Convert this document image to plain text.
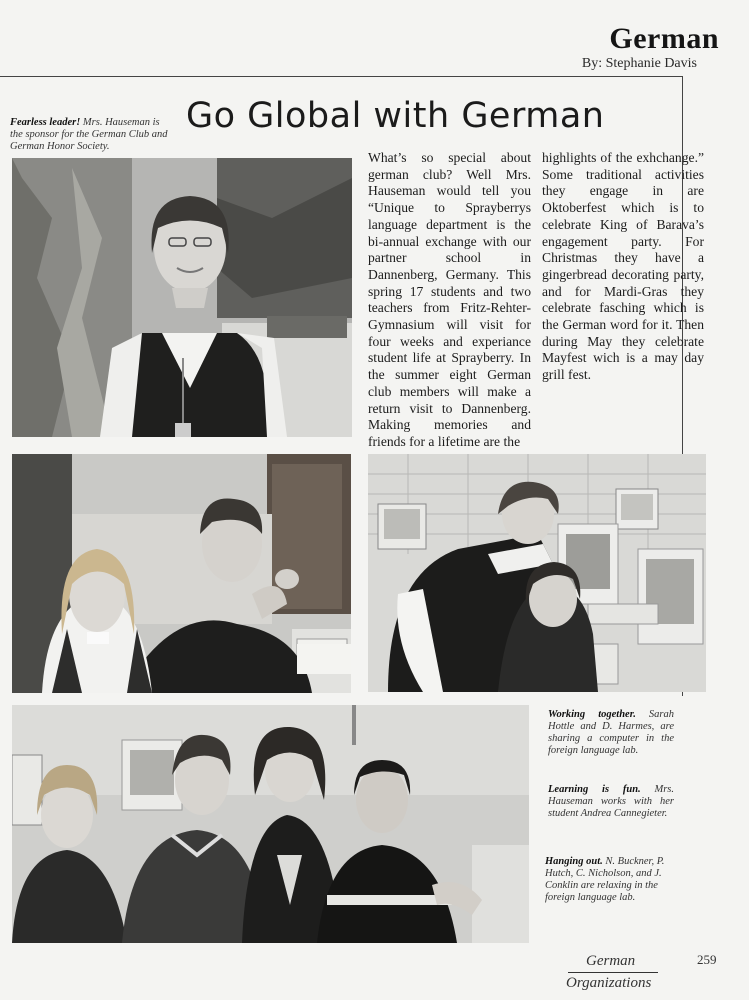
German
By: Stephanie Davis
Fearless leader! Mrs. Hauseman is the sponsor for the German Club and German Honor Society.
Go Global with German
What’s so special about german club? Well Mrs. Hauseman would tell you “Unique to Sprayberrys language department is the bi-annual exchange with our partner school in Dannenberg, Germany. This spring 17 students and two teachers from Fritz-Rehter-Gymnasium will visit for four weeks and experiance student life at Sprayberry. In the summer eight German club members will make a return visit to Dannenberg. Making memories and friends for a lifetime are the
highlights of the exhchange.” Some traditional activities they engage in are Oktoberfest which is to celebrate King of Barava’s engagement party. For Christmas they have a gingerbread decorating party, and for Mardi-Gras they celebrate fasching which is the German word for it. Then during May they celebrate Mayfest wich is a may day grill fest.
Working together. Sarah Hottle and D. Harmes, are sharing a computer in the foreign language lab.
Learning is fun. Mrs. Hauseman works with her student Andrea Cannegieter.
Hanging out. N. Buckner, P. Hutch, C. Nicholson, and J. Conklin are relaxing in the foreign language lab.
259
German
Organizations
